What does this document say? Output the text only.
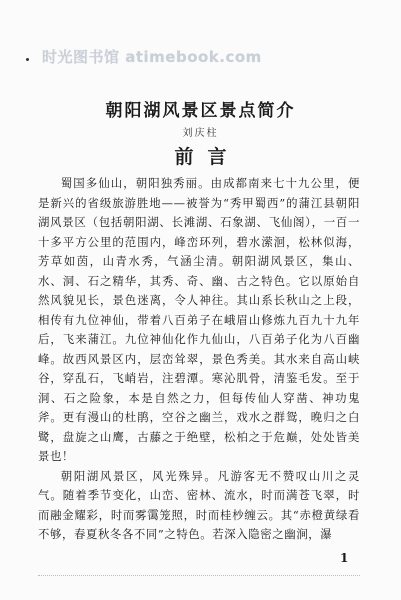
时光图书馆 atimebook.com
朝阳湖风景区景点简介
刘庆柱
前言

蜀国多仙山，朝阳独秀丽。由成都南来七十九公里，便是新兴的省级旅游胜地——被誉为“秀甲蜀西”的蒲江县朝阳湖风景区（包括朝阳湖、长滩湖、石象湖、飞仙阁），一百一十多平方公里的范围内，峰峦环列，碧水潆洄，松林似海，芳草如茵，山青水秀，气涵尘清。朝阳湖风景区，集山、水、洞、石之精华，其秀、奇、幽、古之特色。它以原始自然风貌见长，景色迷离，令人神往。其山系长秋山之上段，相传有九位神仙，带着八百弟子在峨眉山修炼九百九十九年后，飞来蒲江。九位神仙化作九仙山，八百弟子化为八百幽峰。故西风景区内，层峦耸翠，景色秀美。其水来自高山峡谷，穿乱石，飞峭岩，注碧潭。寒沁肌骨，清鉴毛发。至于洞、石之险象，本是自然之力，但每传仙人穿凿、神功鬼斧。更有漫山的杜鹃，空谷之幽兰，戏水之群鸳，晚归之白鹭，盘旋之山鹰，古藤之于绝壁，松柏之于危巅，处处皆美景也！

朝阳湖风景区，风光殊异。凡游客无不赞叹山川之灵气。随着季节变化，山峦、密林、流水，时而满苍飞翠，时而融金耀彩，时而雾霭笼照，时而桂杪缠云。其“赤橙黄绿看不够，春夏秋冬各不同”之特色。若深入隐密之幽涧，瀑

1
